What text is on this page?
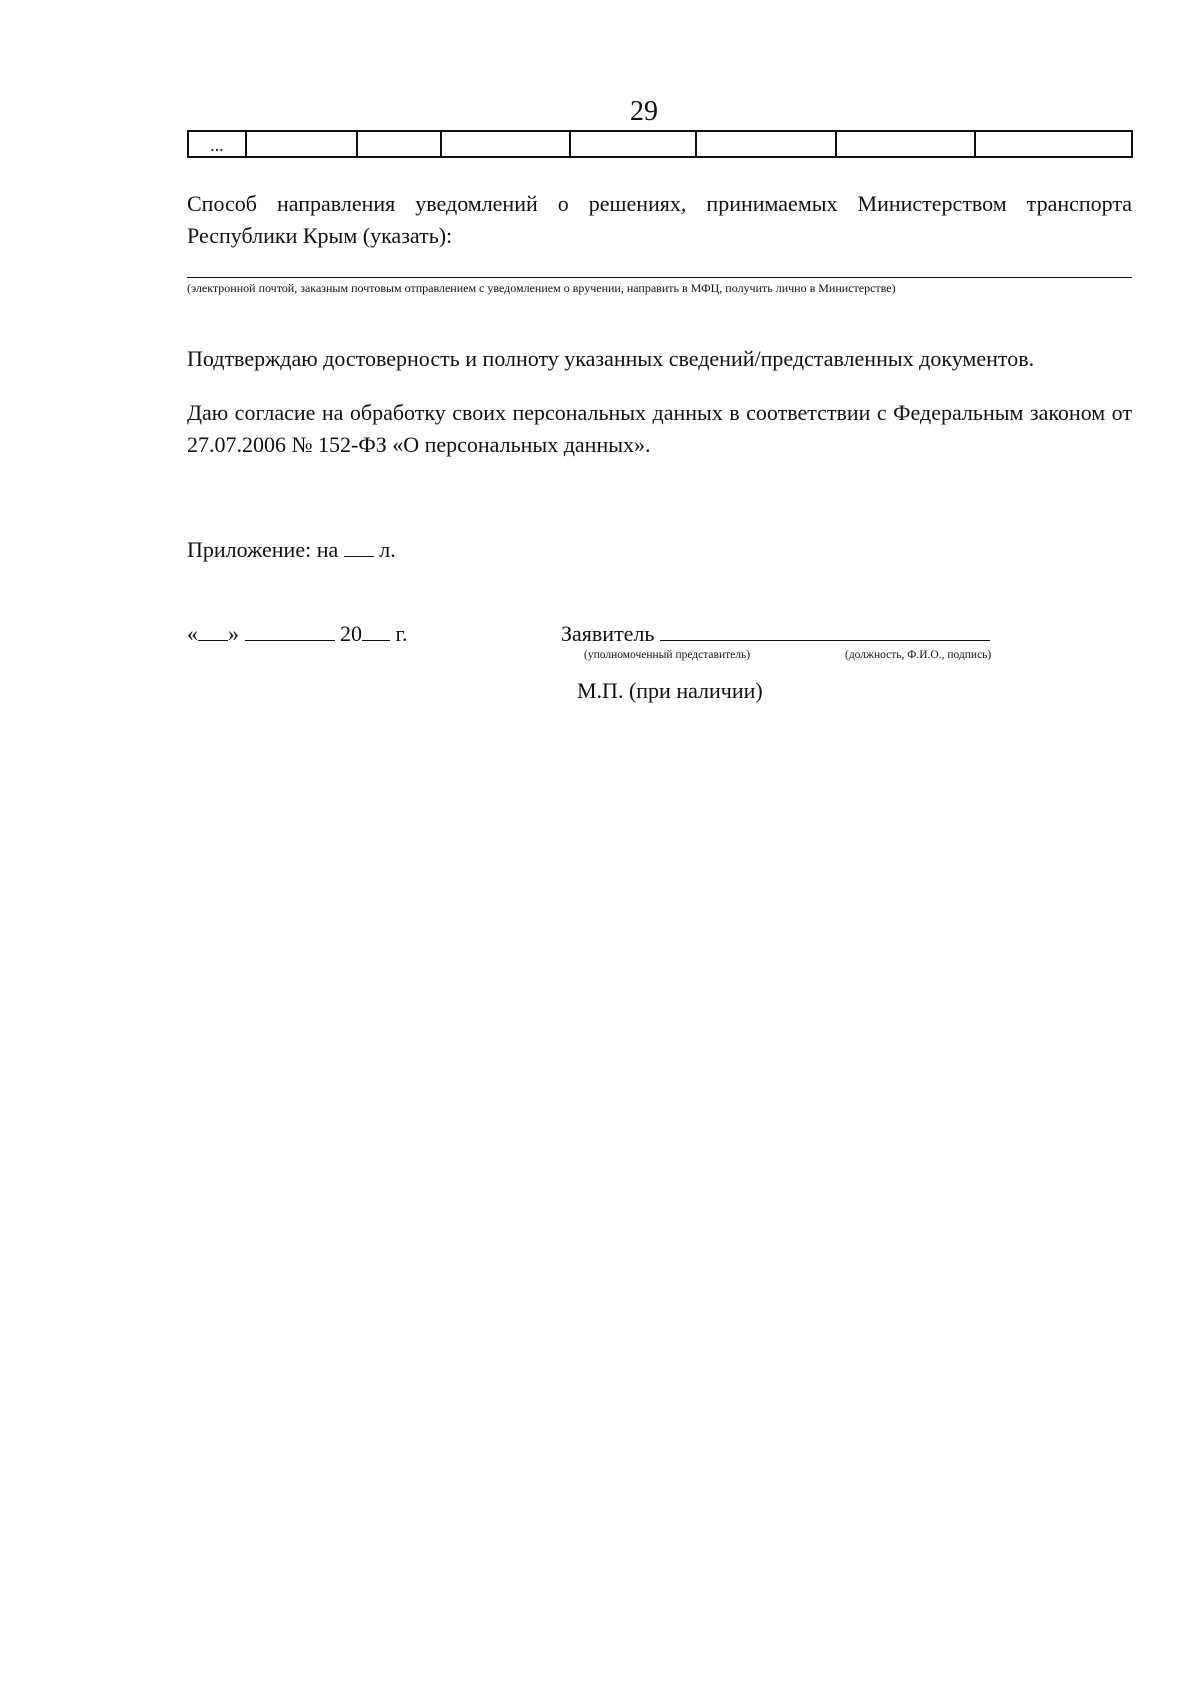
29
...
Способ направления уведомлений о решениях, принимаемых Министерством транспорта Республики Крым (указать):
(электронной почтой, заказным почтовым отправлением с уведомлением о вручении, направить в МФЦ, получить лично в Министерстве)
Подтверждаю достоверность и полноту указанных сведений/представленных документов.
Даю согласие на обработку своих персональных данных в соответствии с Федеральным законом от 27.07.2006 № 152-ФЗ «О персональных данных».
Приложение: на л.
« »	20 г.	Заявитель
(уполномоченный представитель)	(должность, Ф.И.О., подпись)
М.П. (при наличии)
